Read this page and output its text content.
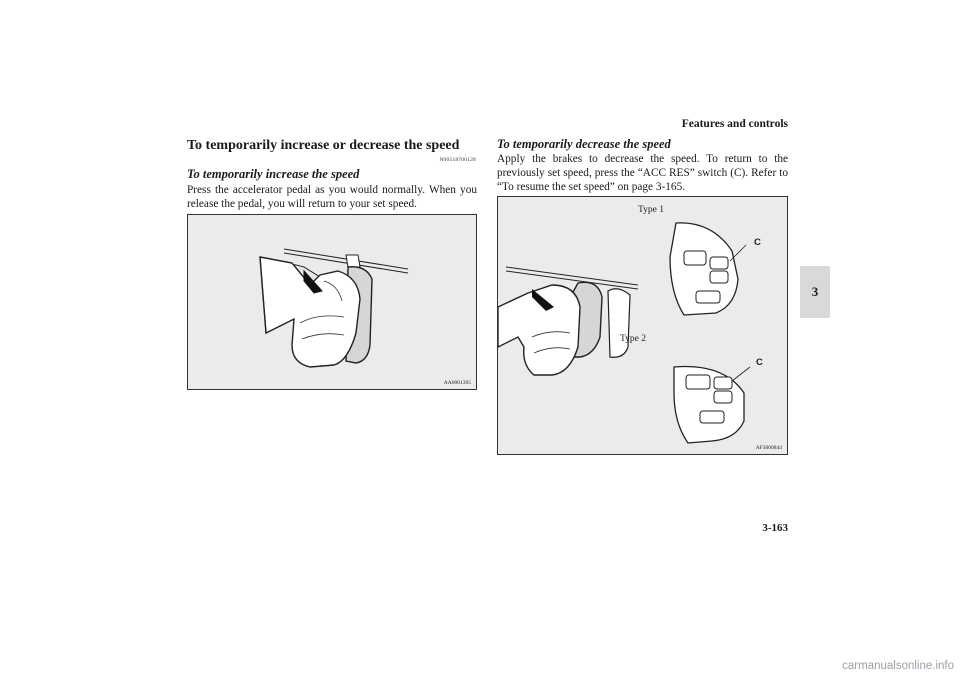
Features and controls
To temporarily increase or decrease the speed
N00518700128
To temporarily increase the speed
Press the accelerator pedal as you would normally. When you release the pedal, you will return to your set speed.
AA0001395
To temporarily decrease the speed
Apply the brakes to decrease the speed. To return to the previously set speed, press the “ACC RES” switch (C). Refer to “To resume the set speed” on page 3-165.
Type 1
Type 2
C
C
AF3000844
3
3-163
carmanualsonline.info
